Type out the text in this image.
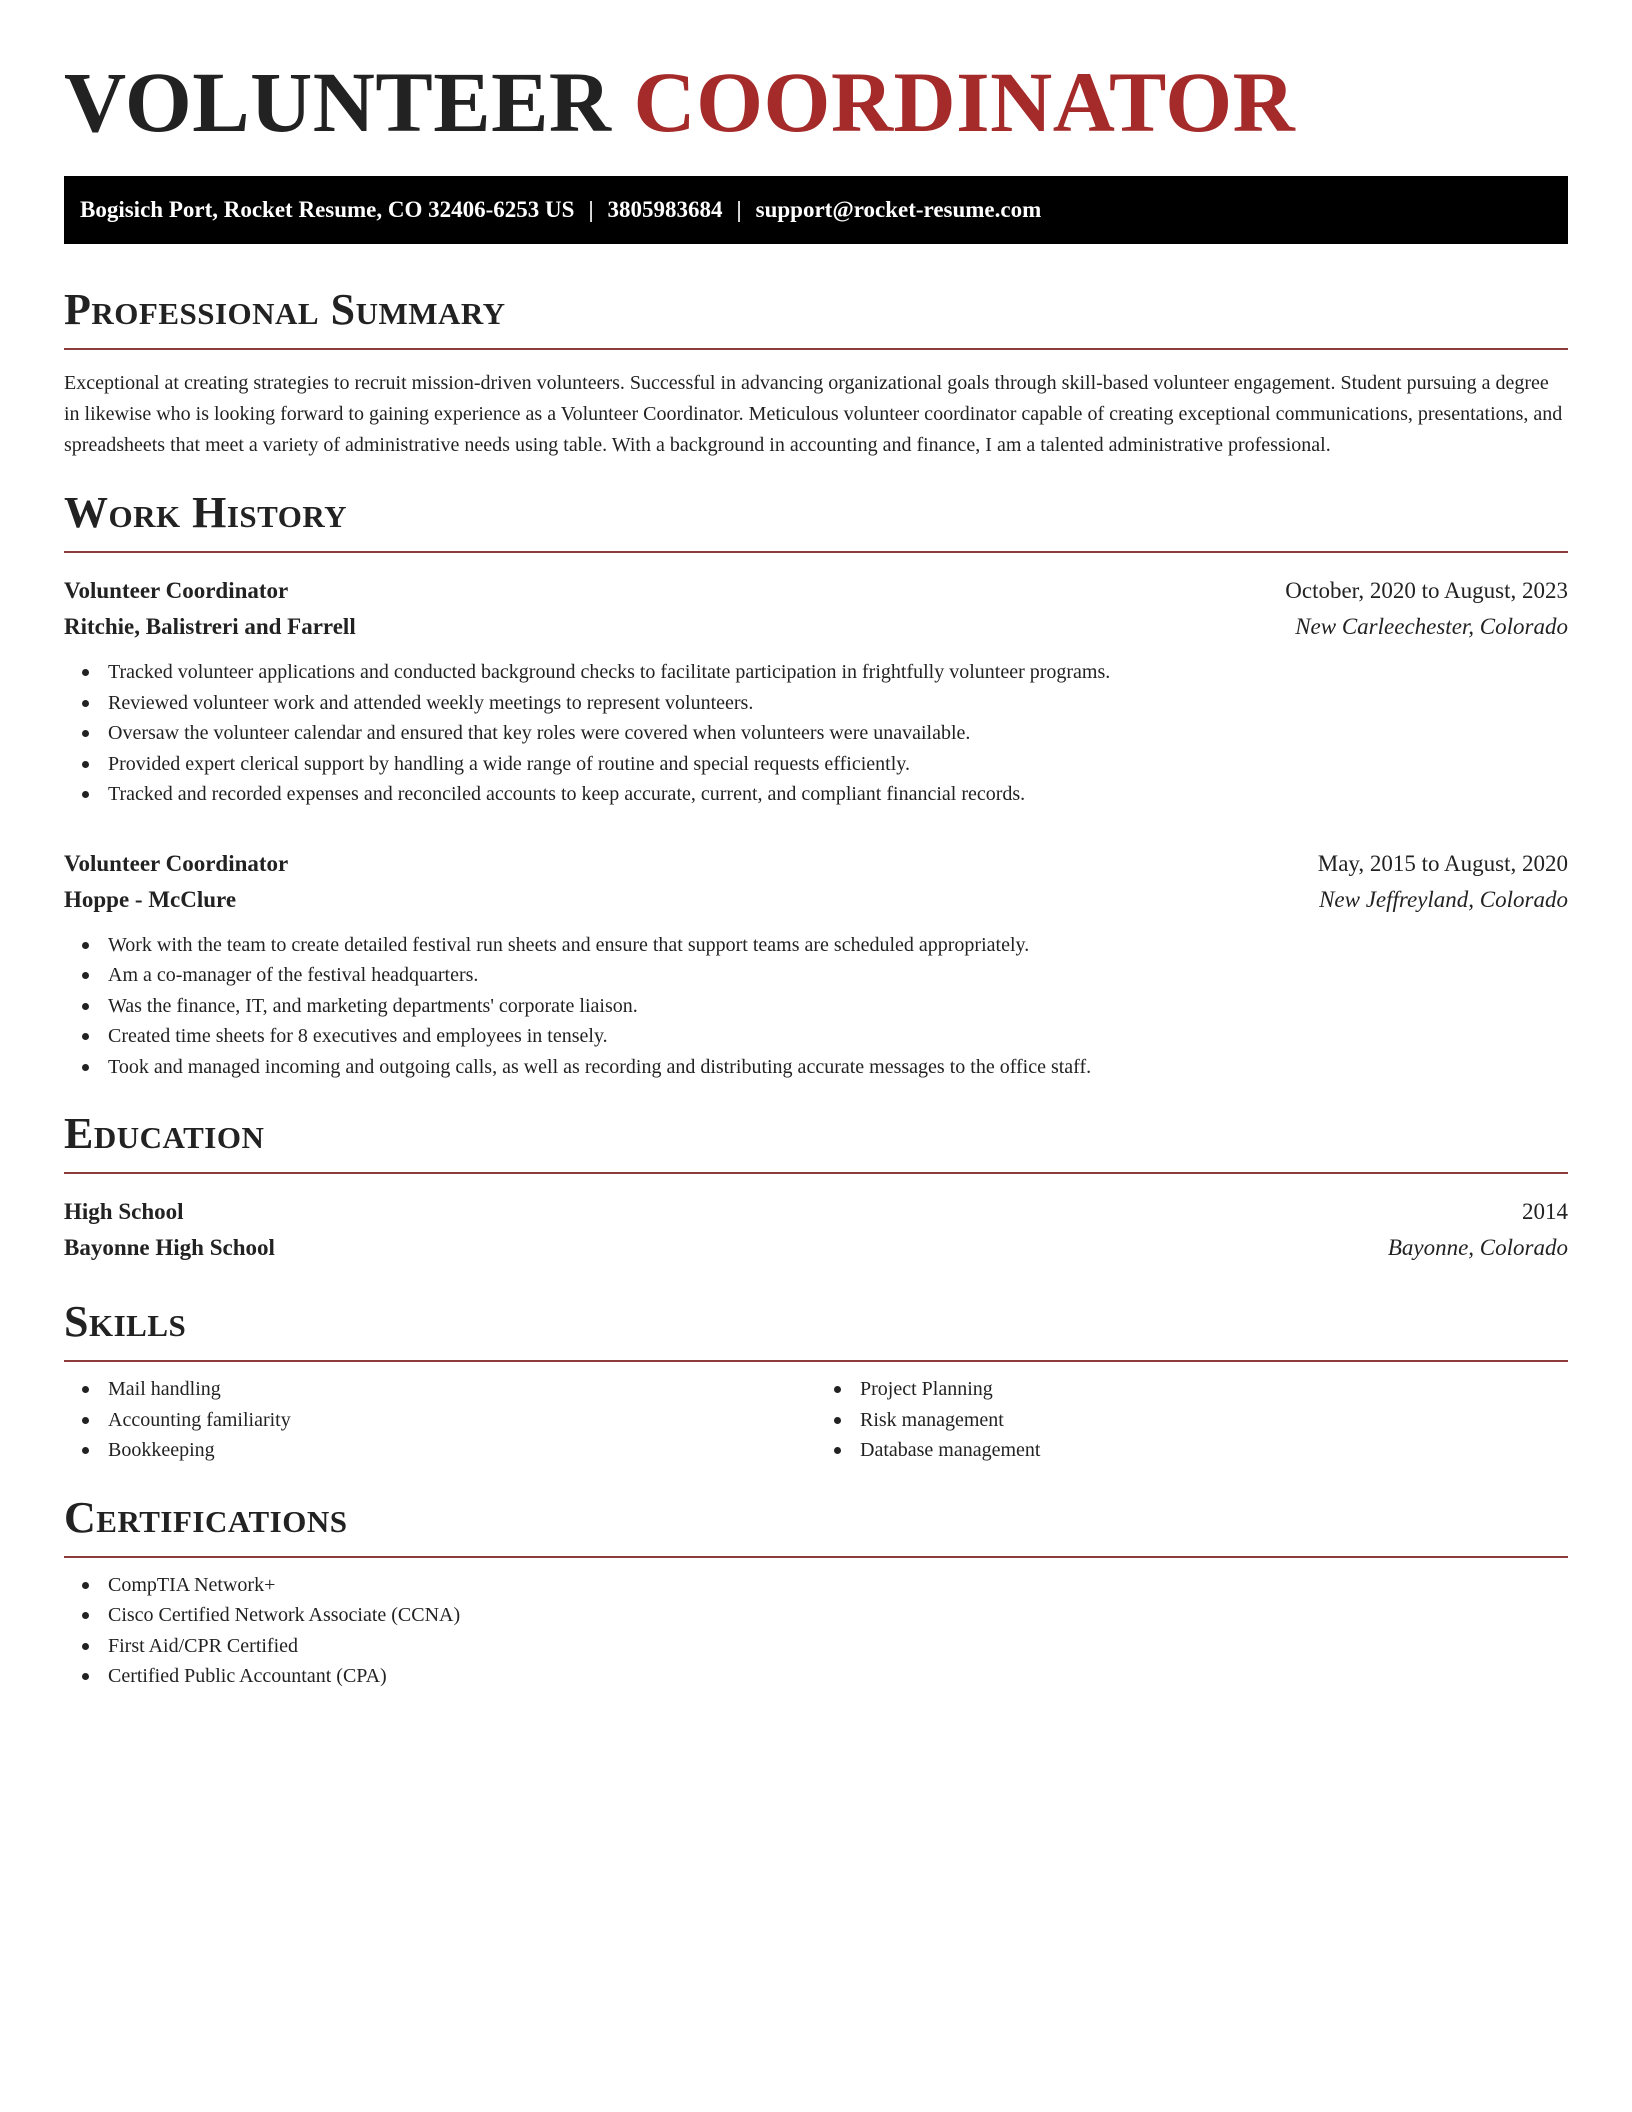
VOLUNTEER COORDINATOR
Bogisich Port, Rocket Resume, CO 32406-6253 US | 3805983684 | support@rocket-resume.com
Professional Summary

Exceptional at creating strategies to recruit mission-driven volunteers. Successful in advancing organizational goals through skill-based volunteer engagement. Student pursuing a degree in likewise who is looking forward to gaining experience as a Volunteer Coordinator. Meticulous volunteer coordinator capable of creating exceptional communications, presentations, and spreadsheets that meet a variety of administrative needs using table. With a background in accounting and finance, I am a talented administrative professional.

Work History
Volunteer Coordinator	October, 2020 to August, 2023
Ritchie, Balistreri and Farrell	New Carleechester, Colorado
Tracked volunteer applications and conducted background checks to facilitate participation in frightfully volunteer programs.
Reviewed volunteer work and attended weekly meetings to represent volunteers.
Oversaw the volunteer calendar and ensured that key roles were covered when volunteers were unavailable.
Provided expert clerical support by handling a wide range of routine and special requests efficiently.
Tracked and recorded expenses and reconciled accounts to keep accurate, current, and compliant financial records.
Volunteer Coordinator	May, 2015 to August, 2020
Hoppe - McClure	New Jeffreyland, Colorado
Work with the team to create detailed festival run sheets and ensure that support teams are scheduled appropriately.
Am a co-manager of the festival headquarters.
Was the finance, IT, and marketing departments' corporate liaison.
Created time sheets for 8 executives and employees in tensely.
Took and managed incoming and outgoing calls, as well as recording and distributing accurate messages to the office staff.
Education
High School	2014
Bayonne High School	Bayonne, Colorado
Skills
Mail handling
Accounting familiarity
Bookkeeping
Project Planning
Risk management
Database management
Certifications
CompTIA Network+
Cisco Certified Network Associate (CCNA)
First Aid/CPR Certified
Certified Public Accountant (CPA)
